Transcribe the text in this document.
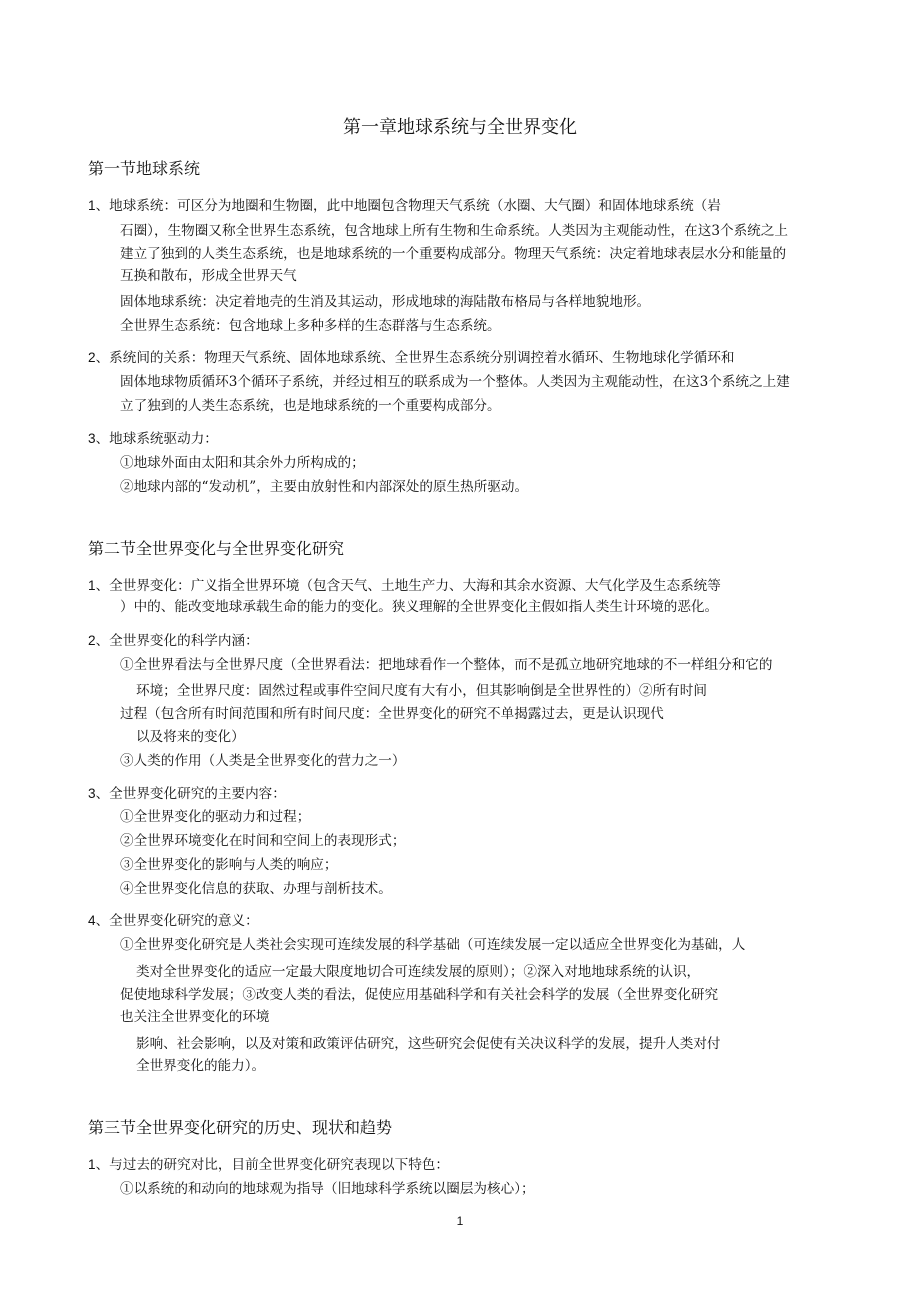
第一章地球系统与全世界变化
第一节地球系统
1、地球系统：可区分为地圈和生物圈，此中地圈包含物理天气系统（水圈、大气圈）和固体地球系统（岩
石圈），生物圈又称全世界生态系统，包含地球上所有生物和生命系统。人类因为主观能动性，在这3个系统之上
建立了独到的人类生态系统，也是地球系统的一个重要构成部分。物理天气系统：决定着地球表层水分和能量的
互换和散布，形成全世界天气
固体地球系统：决定着地壳的生消及其运动，形成地球的海陆散布格局与各样地貌地形。
全世界生态系统：包含地球上多种多样的生态群落与生态系统。
2、系统间的关系：物理天气系统、固体地球系统、全世界生态系统分别调控着水循环、生物地球化学循环和
固体地球物质循环3个循环子系统，并经过相互的联系成为一个整体。人类因为主观能动性，在这3个系统之上建
立了独到的人类生态系统，也是地球系统的一个重要构成部分。
3、地球系统驱动力：
①地球外面由太阳和其余外力所构成的；
②地球内部的“发动机”，主要由放射性和内部深处的原生热所驱动。
第二节全世界变化与全世界变化研究
1、全世界变化：广义指全世界环境（包含天气、土地生产力、大海和其余水资源、大气化学及生态系统等
）中的、能改变地球承载生命的能力的变化。狭义理解的全世界变化主假如指人类生计环境的恶化。
2、全世界变化的科学内涵：
①全世界看法与全世界尺度（全世界看法：把地球看作一个整体，而不是孤立地研究地球的不一样组分和它的
环境；全世界尺度：固然过程或事件空间尺度有大有小，但其影响倒是全世界性的）②所有时间
过程（包含所有时间范围和所有时间尺度：全世界变化的研究不单揭露过去，更是认识现代
以及将来的变化）
③人类的作用（人类是全世界变化的营力之一）
3、全世界变化研究的主要内容：
①全世界变化的驱动力和过程；
②全世界环境变化在时间和空间上的表现形式；
③全世界变化的影响与人类的响应；
④全世界变化信息的获取、办理与剖析技术。
4、全世界变化研究的意义：
①全世界变化研究是人类社会实现可连续发展的科学基础（可连续发展一定以适应全世界变化为基础，人
类对全世界变化的适应一定最大限度地切合可连续发展的原则）；②深入对地地球系统的认识，
促使地球科学发展；③改变人类的看法，促使应用基础科学和有关社会科学的发展（全世界变化研究
也关注全世界变化的环境
影响、社会影响，以及对策和政策评估研究，这些研究会促使有关决议科学的发展，提升人类对付
全世界变化的能力）。
第三节全世界变化研究的历史、现状和趋势
1、与过去的研究对比，目前全世界变化研究表现以下特色：
①以系统的和动向的地球观为指导（旧地球科学系统以圈层为核心）；
1
